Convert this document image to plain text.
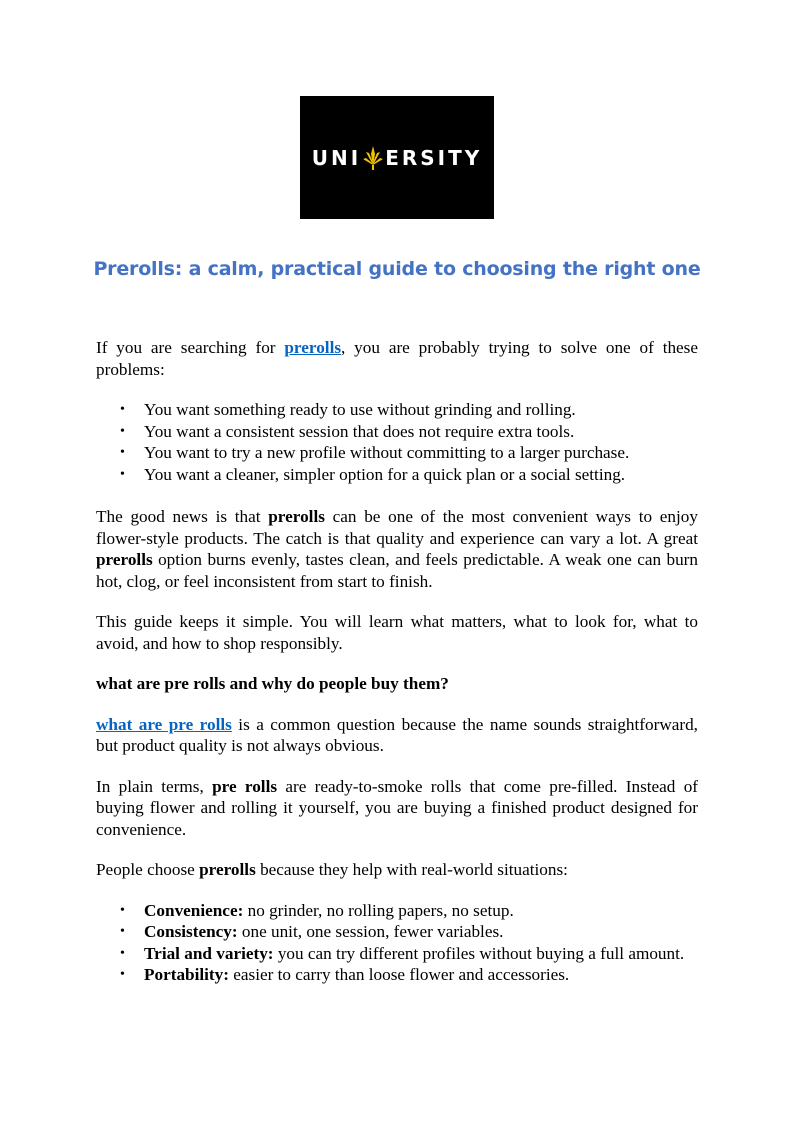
UNI ERSITY
Prerolls: a calm, practical guide to choosing the right one

If you are searching for prerolls, you are probably trying to solve one of these problems:

• You want something ready to use without grinding and rolling.
• You want a consistent session that does not require extra tools.
• You want to try a new profile without committing to a larger purchase.
• You want a cleaner, simpler option for a quick plan or a social setting.

The good news is that prerolls can be one of the most convenient ways to enjoy flower-style products. The catch is that quality and experience can vary a lot. A great prerolls option burns evenly, tastes clean, and feels predictable. A weak one can burn hot, clog, or feel inconsistent from start to finish.

This guide keeps it simple. You will learn what matters, what to look for, what to avoid, and how to shop responsibly.

what are pre rolls and why do people buy them?

what are pre rolls is a common question because the name sounds straightforward, but product quality is not always obvious.

In plain terms, pre rolls are ready-to-smoke rolls that come pre-filled. Instead of buying flower and rolling it yourself, you are buying a finished product designed for convenience.

People choose prerolls because they help with real-world situations:

• Convenience: no grinder, no rolling papers, no setup.
• Consistency: one unit, one session, fewer variables.
• Trial and variety: you can try different profiles without buying a full amount.
• Portability: easier to carry than loose flower and accessories.
